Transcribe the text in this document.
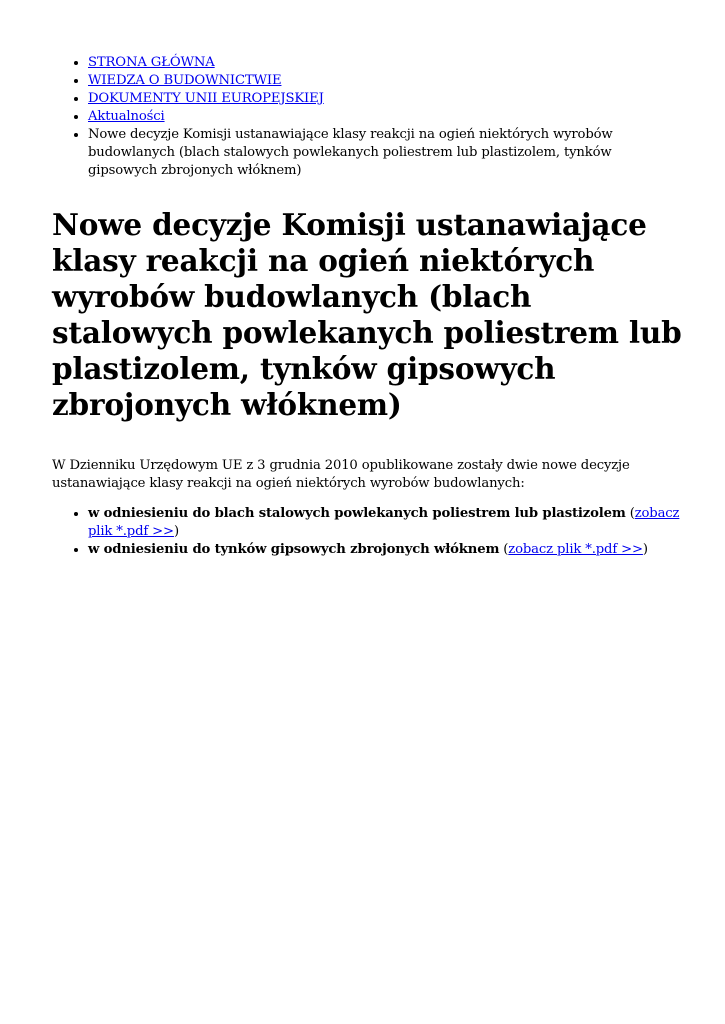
• STRONA GŁÓWNA
• WIEDZA O BUDOWNICTWIE
• DOKUMENTY UNII EUROPEJSKIEJ
• Aktualności
• Nowe decyzje Komisji ustanawiające klasy reakcji na ogień niektórych wyrobów budowlanych (blach stalowych powlekanych poliestrem lub plastizolem, tynków gipsowych zbrojonych włóknem)
Nowe decyzje Komisji ustanawiające klasy reakcji na ogień niektórych wyrobów budowlanych (blach stalowych powlekanych poliestrem lub plastizolem, tynków gipsowych zbrojonych włóknem)

W Dzienniku Urzędowym UE z 3 grudnia 2010 opublikowane zostały dwie nowe decyzje ustanawiające klasy reakcji na ogień niektórych wyrobów budowlanych:

• w odniesieniu do blach stalowych powlekanych poliestrem lub plastizolem (zobacz plik *.pdf >>)
• w odniesieniu do tynków gipsowych zbrojonych włóknem (zobacz plik *.pdf >>)
